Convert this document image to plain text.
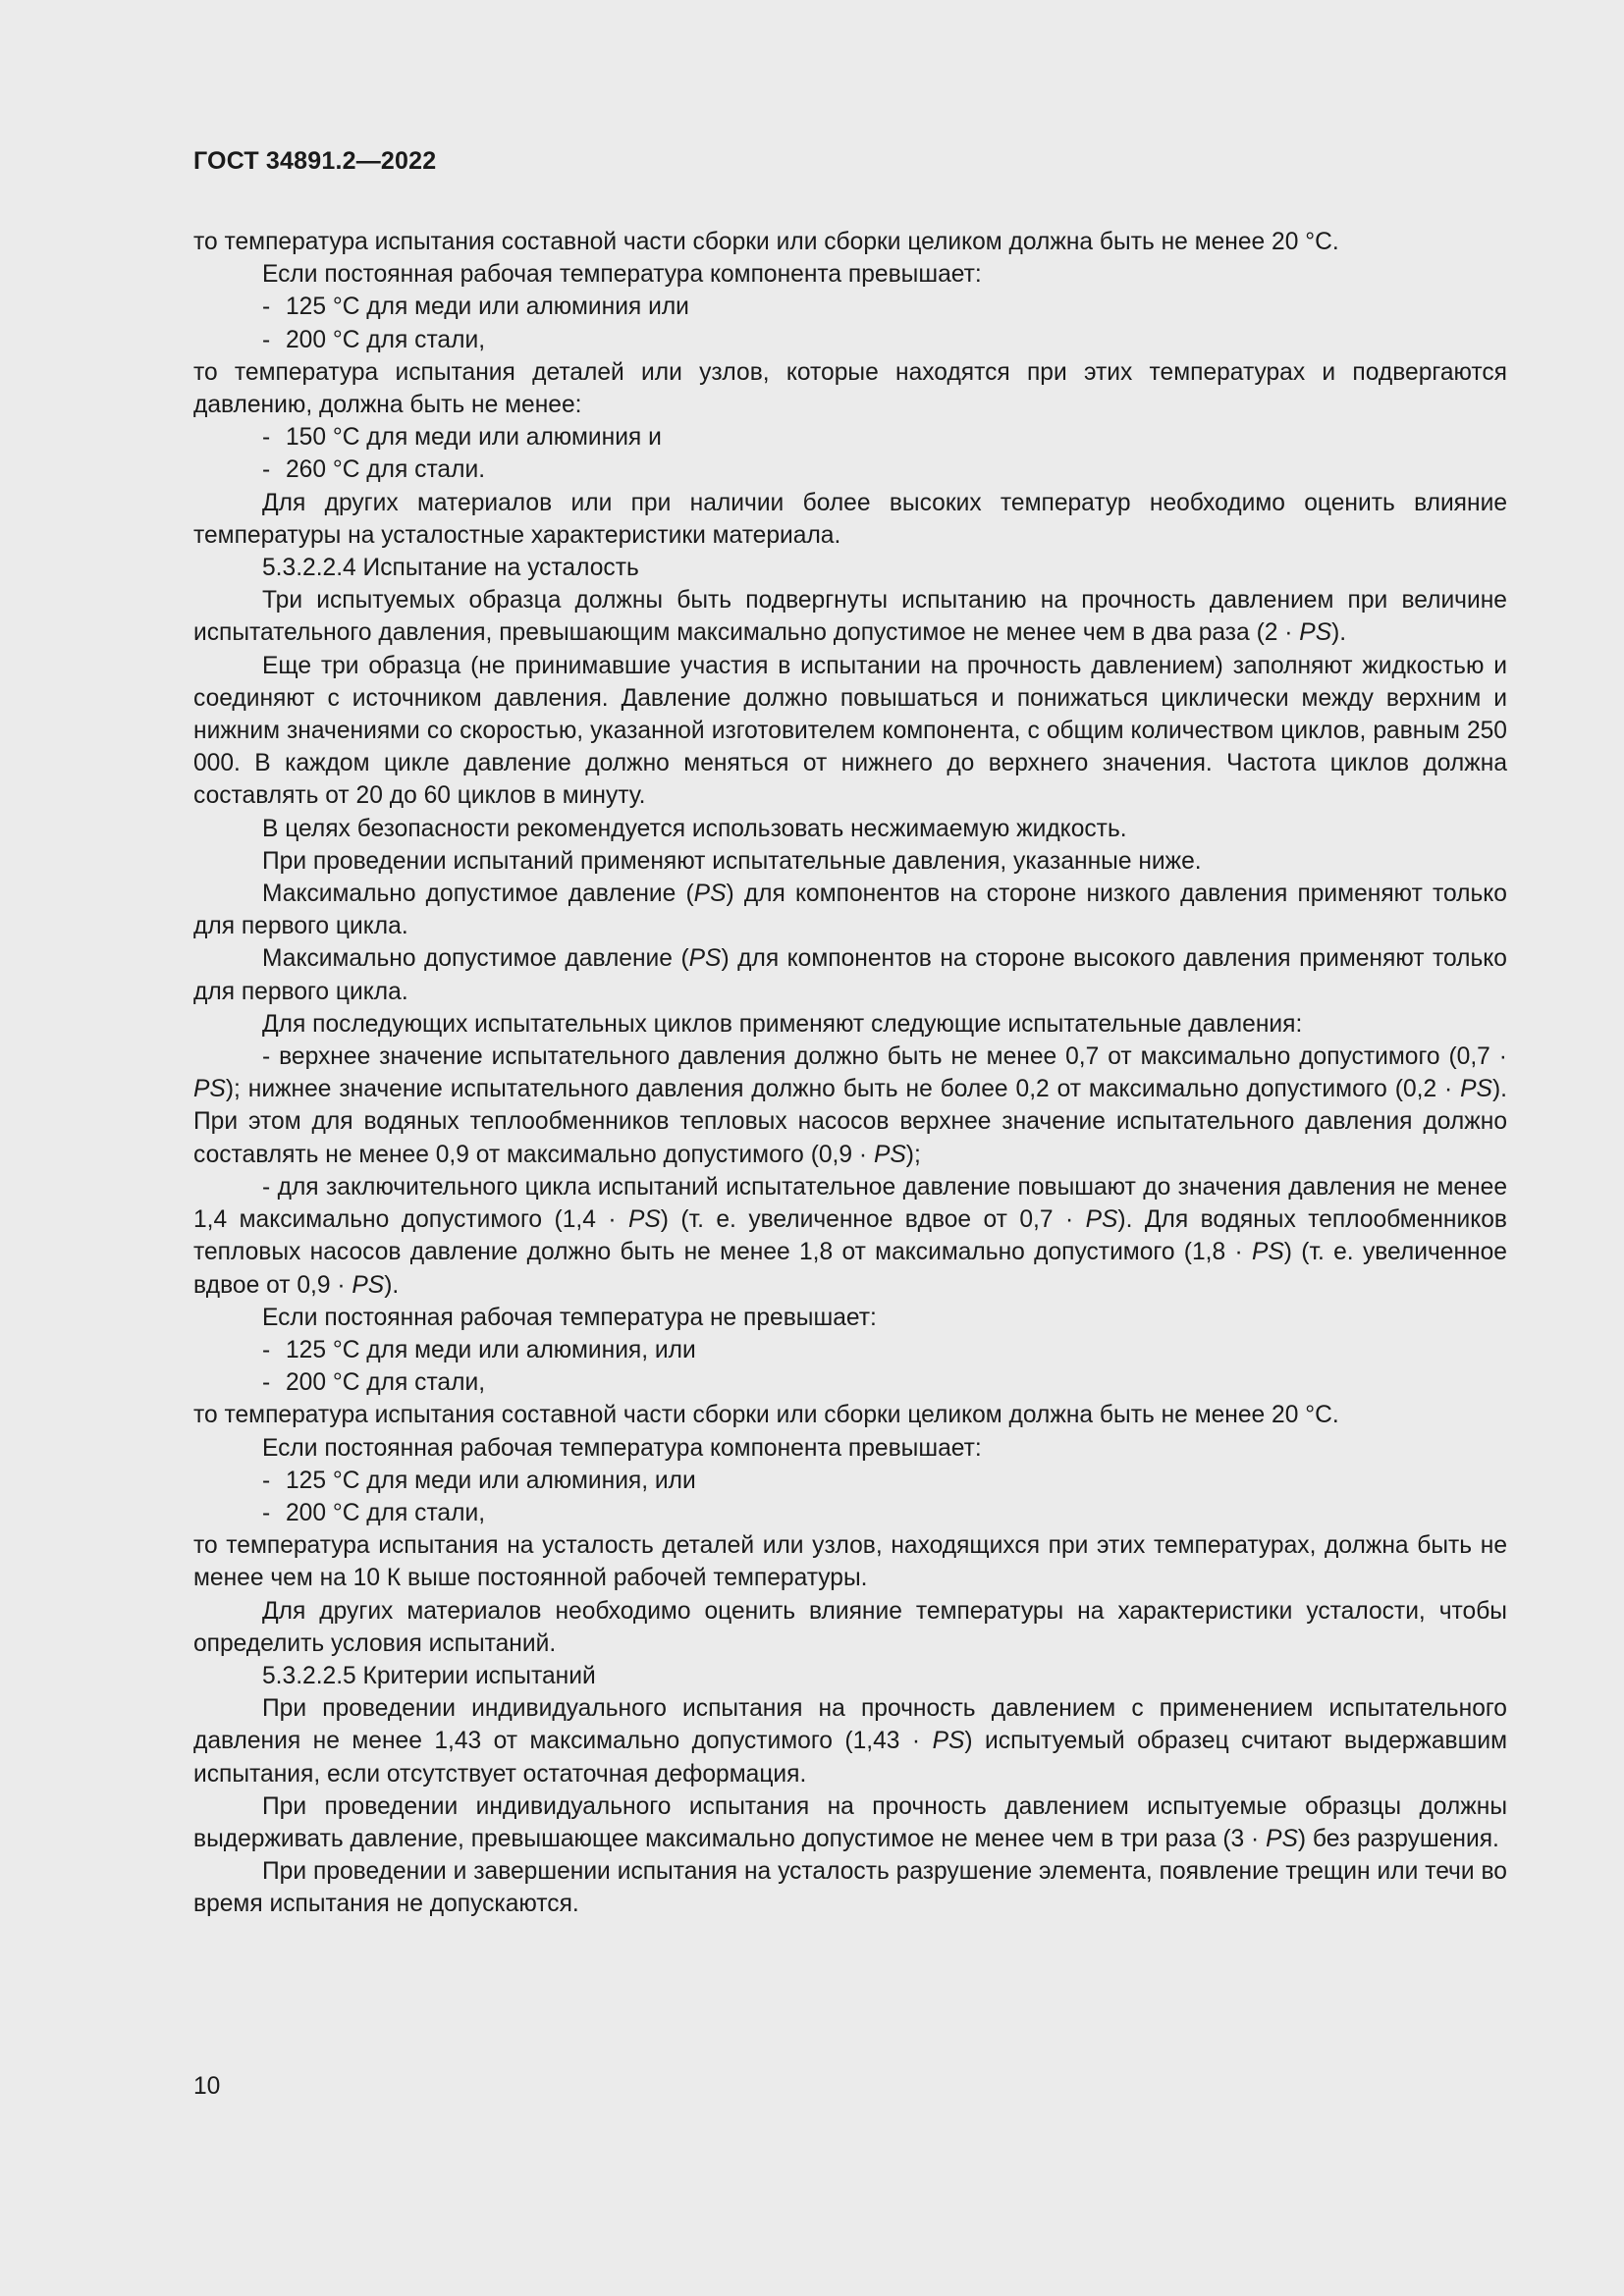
ГОСТ 34891.2—2022

то температура испытания составной части сборки или сборки целиком должна быть не менее 20 °C.

Если постоянная рабочая температура компонента превышает:

- 125 °C для меди или алюминия или

- 200 °C для стали,

то температура испытания деталей или узлов, которые находятся при этих температурах и подвергаются давлению, должна быть не менее:

- 150 °C для меди или алюминия и

- 260 °C для стали.

Для других материалов или при наличии более высоких температур необходимо оценить влияние температуры на усталостные характеристики материала.

5.3.2.2.4 Испытание на усталость

Три испытуемых образца должны быть подвергнуты испытанию на прочность давлением при величине испытательного давления, превышающим максимально допустимое не менее чем в два раза (2 · PS).

Еще три образца (не принимавшие участия в испытании на прочность давлением) заполняют жидкостью и соединяют с источником давления. Давление должно повышаться и понижаться циклически между верхним и нижним значениями со скоростью, указанной изготовителем компонента, с общим количеством циклов, равным 250 000. В каждом цикле давление должно меняться от нижнего до верхнего значения. Частота циклов должна составлять от 20 до 60 циклов в минуту.

В целях безопасности рекомендуется использовать несжимаемую жидкость.

При проведении испытаний применяют испытательные давления, указанные ниже.

Максимально допустимое давление (PS) для компонентов на стороне низкого давления применяют только для первого цикла.

Максимально допустимое давление (PS) для компонентов на стороне высокого давления применяют только для первого цикла.

Для последующих испытательных циклов применяют следующие испытательные давления:

- верхнее значение испытательного давления должно быть не менее 0,7 от максимально допустимого (0,7 · PS); нижнее значение испытательного давления должно быть не более 0,2 от максимально допустимого (0,2 · PS). При этом для водяных теплообменников тепловых насосов верхнее значение испытательного давления должно составлять не менее 0,9 от максимально допустимого (0,9 · PS);

- для заключительного цикла испытаний испытательное давление повышают до значения давления не менее 1,4 максимально допустимого (1,4 · PS) (т. е. увеличенное вдвое от 0,7 · PS). Для водяных теплообменников тепловых насосов давление должно быть не менее 1,8 от максимально допустимого (1,8 · PS) (т. е. увеличенное вдвое от 0,9 · PS).

Если постоянная рабочая температура не превышает:

- 125 °C для меди или алюминия, или

- 200 °C для стали,

то температура испытания составной части сборки или сборки целиком должна быть не менее 20 °C.

Если постоянная рабочая температура компонента превышает:

- 125 °C для меди или алюминия, или

- 200 °C для стали,

то температура испытания на усталость деталей или узлов, находящихся при этих температурах, должна быть не менее чем на 10 К выше постоянной рабочей температуры.

Для других материалов необходимо оценить влияние температуры на характеристики усталости, чтобы определить условия испытаний.

5.3.2.2.5 Критерии испытаний

При проведении индивидуального испытания на прочность давлением с применением испытательного давления не менее 1,43 от максимально допустимого (1,43 · PS) испытуемый образец считают выдержавшим испытания, если отсутствует остаточная деформация.

При проведении индивидуального испытания на прочность давлением испытуемые образцы должны выдерживать давление, превышающее максимально допустимое не менее чем в три раза (3 · PS) без разрушения.

При проведении и завершении испытания на усталость разрушение элемента, появление трещин или течи во время испытания не допускаются.

10
